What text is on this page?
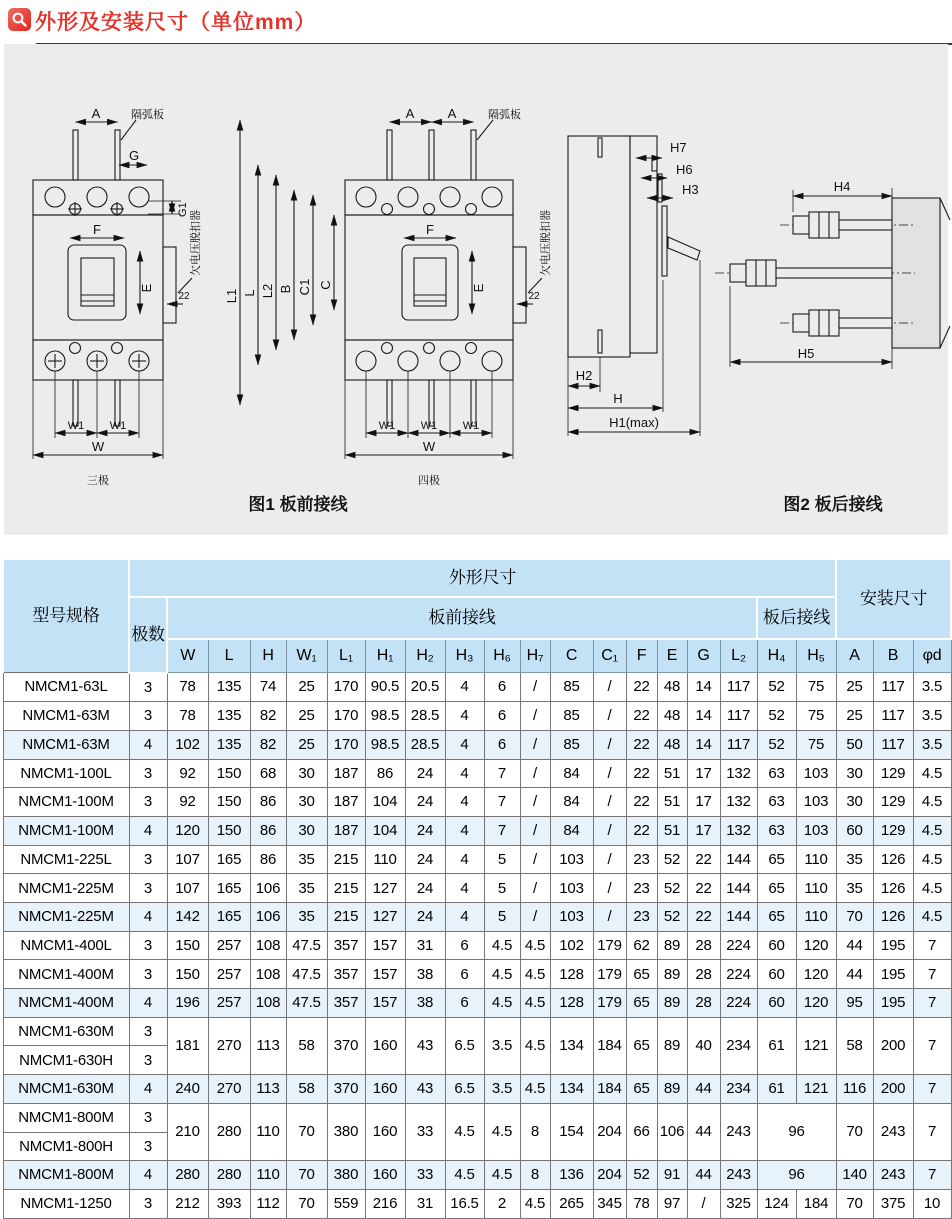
外形及安装尺寸（单位mm）
A	隔弧板
G
G1
F
E
22
欠电压脱扣器
W1 W1
W
三极
A	A	隔弧板
L1 L L2 B C1 C
F
E
22
欠电压脱扣器
W1 W1 W1
W
四极
图1 板前接线
H7
H6
H3
H2
H
H1(max)
H4
H5
图2 板后接线
型号规格	外形尺寸																			安装尺寸		
	极数	板前接线																板后接线				
		W	L	H	W₁	L₁	H₁	H₂	H₃	H₆	H₇	C	C₁	F	E	G	L₂	H₄	H₅	A	B	φd
NMCM1-63L	3	78	135	74	25	170	90.5	20.5	4	6	/	85	/	22	48	14	117	52	75	25	117	3.5
NMCM1-63M	3	78	135	82	25	170	98.5	28.5	4	6	/	85	/	22	48	14	117	52	75	25	117	3.5
NMCM1-63M	4	102	135	82	25	170	98.5	28.5	4	6	/	85	/	22	48	14	117	52	75	50	117	3.5
NMCM1-100L	3	92	150	68	30	187	86	24	4	7	/	84	/	22	51	17	132	63	103	30	129	4.5
NMCM1-100M	3	92	150	86	30	187	104	24	4	7	/	84	/	22	51	17	132	63	103	30	129	4.5
NMCM1-100M	4	120	150	86	30	187	104	24	4	7	/	84	/	22	51	17	132	63	103	60	129	4.5
NMCM1-225L	3	107	165	86	35	215	110	24	4	5	/	103	/	23	52	22	144	65	110	35	126	4.5
NMCM1-225M	3	107	165	106	35	215	127	24	4	5	/	103	/	23	52	22	144	65	110	35	126	4.5
NMCM1-225M	4	142	165	106	35	215	127	24	4	5	/	103	/	23	52	22	144	65	110	70	126	4.5
NMCM1-400L	3	150	257	108	47.5	357	157	31	6	4.5	4.5	102	179	62	89	28	224	60	120	44	195	7
NMCM1-400M	3	150	257	108	47.5	357	157	38	6	4.5	4.5	128	179	65	89	28	224	60	120	44	195	7
NMCM1-400M	4	196	257	108	47.5	357	157	38	6	4.5	4.5	128	179	65	89	28	224	60	120	95	195	7
NMCM1-630M	3	181	270	113	58	370	160	43	6.5	3.5	4.5	134	184	65	89	40	234	61	121	58	200	7
NMCM1-630H	3																					
NMCM1-630M	4	240	270	113	58	370	160	43	6.5	3.5	4.5	134	184	65	89	44	234	61	121	116	200	7
NMCM1-800M	3	210	280	110	70	380	160	33	4.5	4.5	8	154	204	66	106	44	243	96		70	243	7
NMCM1-800H	3																					
NMCM1-800M	4	280	280	110	70	380	160	33	4.5	4.5	8	136	204	52	91	44	243	96		140	243	7
NMCM1-1250	3	212	393	112	70	559	216	31	16.5	2	4.5	265	345	78	97	/	325	124	184	70	375	10
